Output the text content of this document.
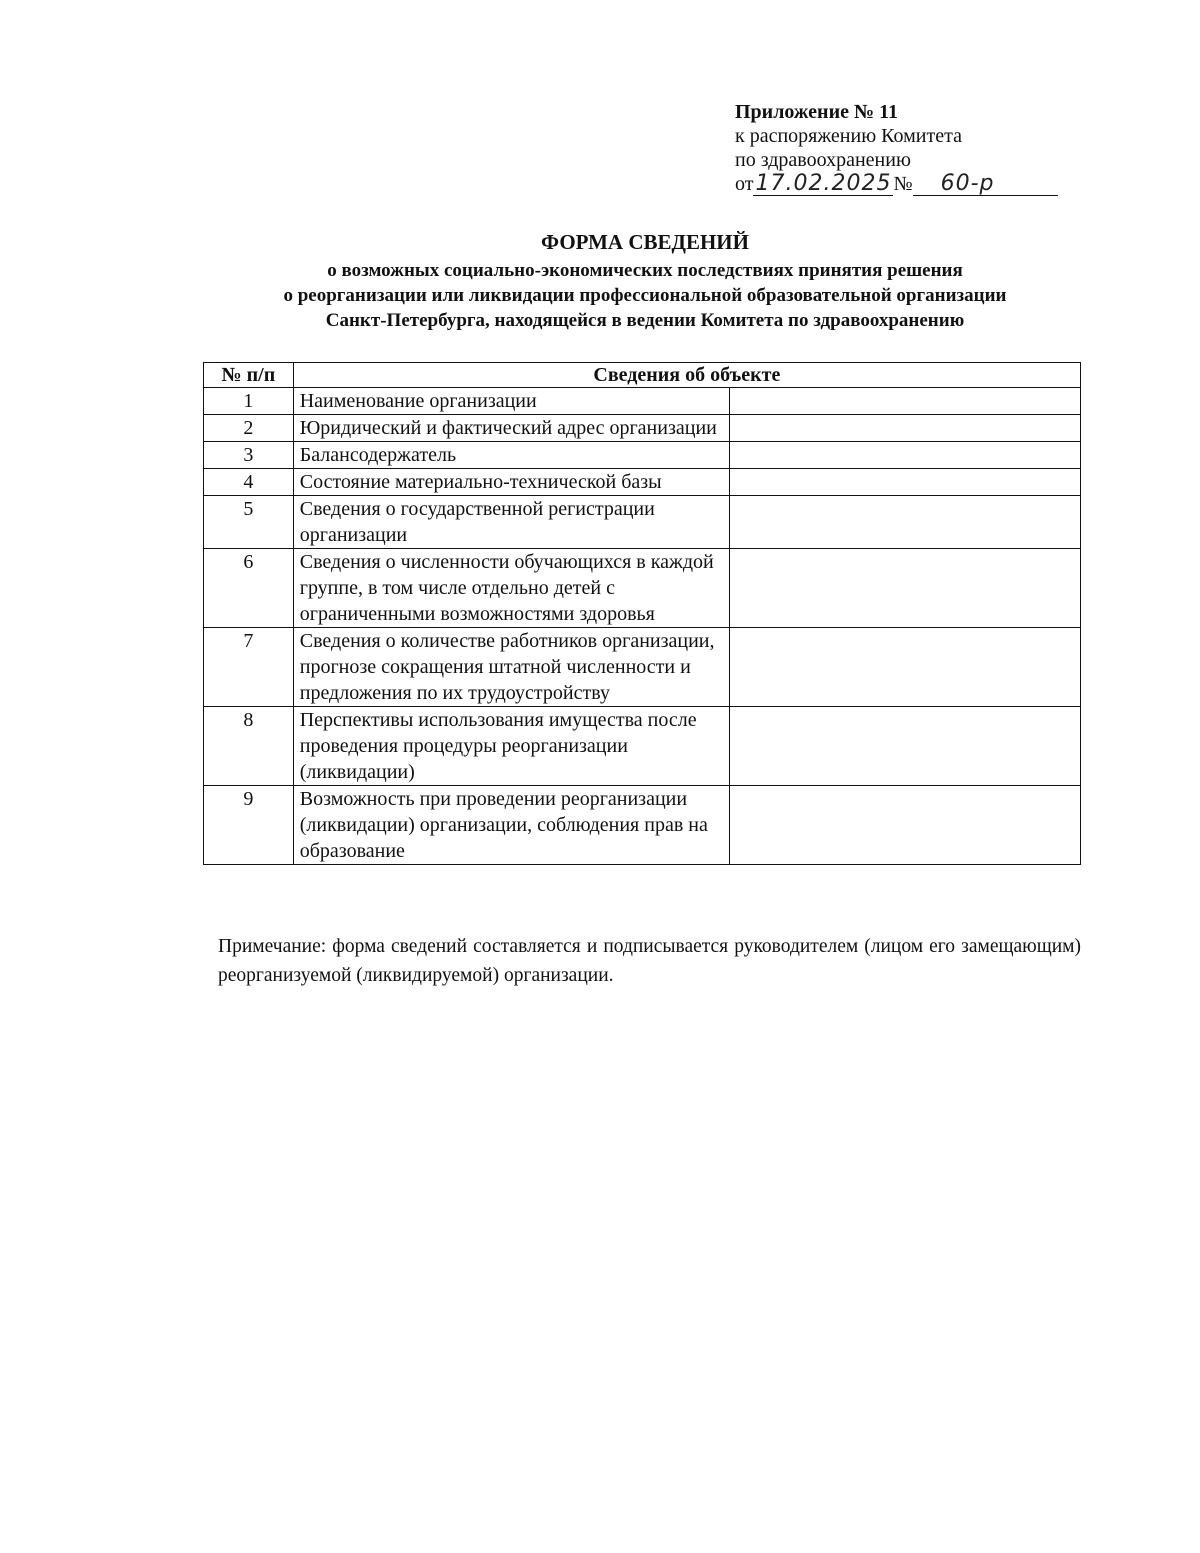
Приложение № 11
к распоряжению Комитета
по здравоохранению
от 17.02.2025 №	60-р
ФОРМА СВЕДЕНИЙ
о возможных социально-экономических последствиях принятия решения
о реорганизации или ликвидации профессиональной образовательной организации
Санкт-Петербурга, находящейся в ведении Комитета по здравоохранению
№ п/п	Сведения об объекте	
1	Наименование организации	
2	Юридический и фактический адрес организации	
3	Балансодержатель	
4	Состояние материально-технической базы	
5	Сведения о государственной регистрации организации	
6	Сведения о численности обучающихся в каждой группе, в том числе отдельно детей с ограниченными возможностями здоровья	
7	Сведения о количестве работников организации, прогнозе сокращения штатной численности и предложения по их трудоустройству	
8	Перспективы использования имущества после проведения процедуры реорганизации (ликвидации)	
9	Возможность при проведении реорганизации (ликвидации) организации, соблюдения прав на образование	
Примечание: форма сведений составляется и подписывается руководителем (лицом его замещающим) реорганизуемой (ликвидируемой) организации.
